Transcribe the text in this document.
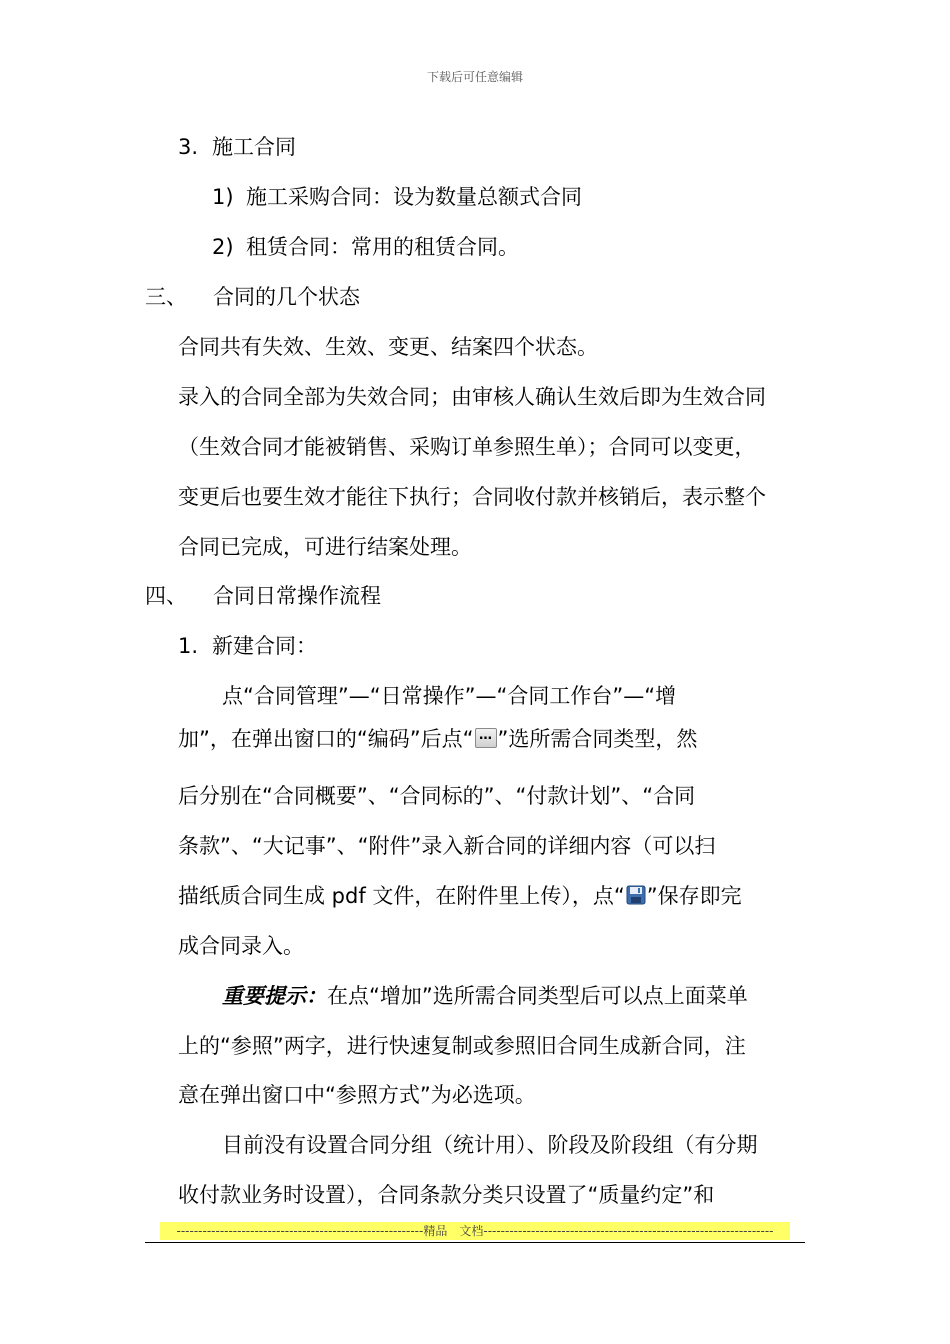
下载后可任意编辑
3. 施工合同
1) 施工采购合同：设为数量总额式合同
2) 租赁合同：常用的租赁合同。
三、 合同的几个状态
合同共有失效、生效、变更、结案四个状态。
录入的合同全部为失效合同；由审核人确认生效后即为生效合同
（生效合同才能被销售、采购订单参照生单）；合同可以变更，
变更后也要生效才能往下执行；合同收付款并核销后，表示整个
合同已完成，可进行结案处理。
四、 合同日常操作流程
1. 新建合同：
点“合同管理”—“日常操作”—“合同工作台”—“增
加”，在弹出窗口的“编码”后点“ … ”选所需合同类型，然
后分别在“合同概要”、“合同标的”、“付款计划”、“合同
条款”、“大记事”、“附件”录入新合同的详细内容（可以扫
描纸质合同生成 pdf 文件，在附件里上传），点“ ”保存即完
成合同录入。
重要提示：在点“增加”选所需合同类型后可以点上面菜单
上的“参照”两字，进行快速复制或参照旧合同生成新合同，注
意在弹出窗口中“参照方式”为必选项。
目前没有设置合同分组（统计用）、阶段及阶段组（有分期
收付款业务时设置），合同条款分类只设置了“质量约定”和
---------------------------------------------------------精品　文档-------------------------------------------------------------------
